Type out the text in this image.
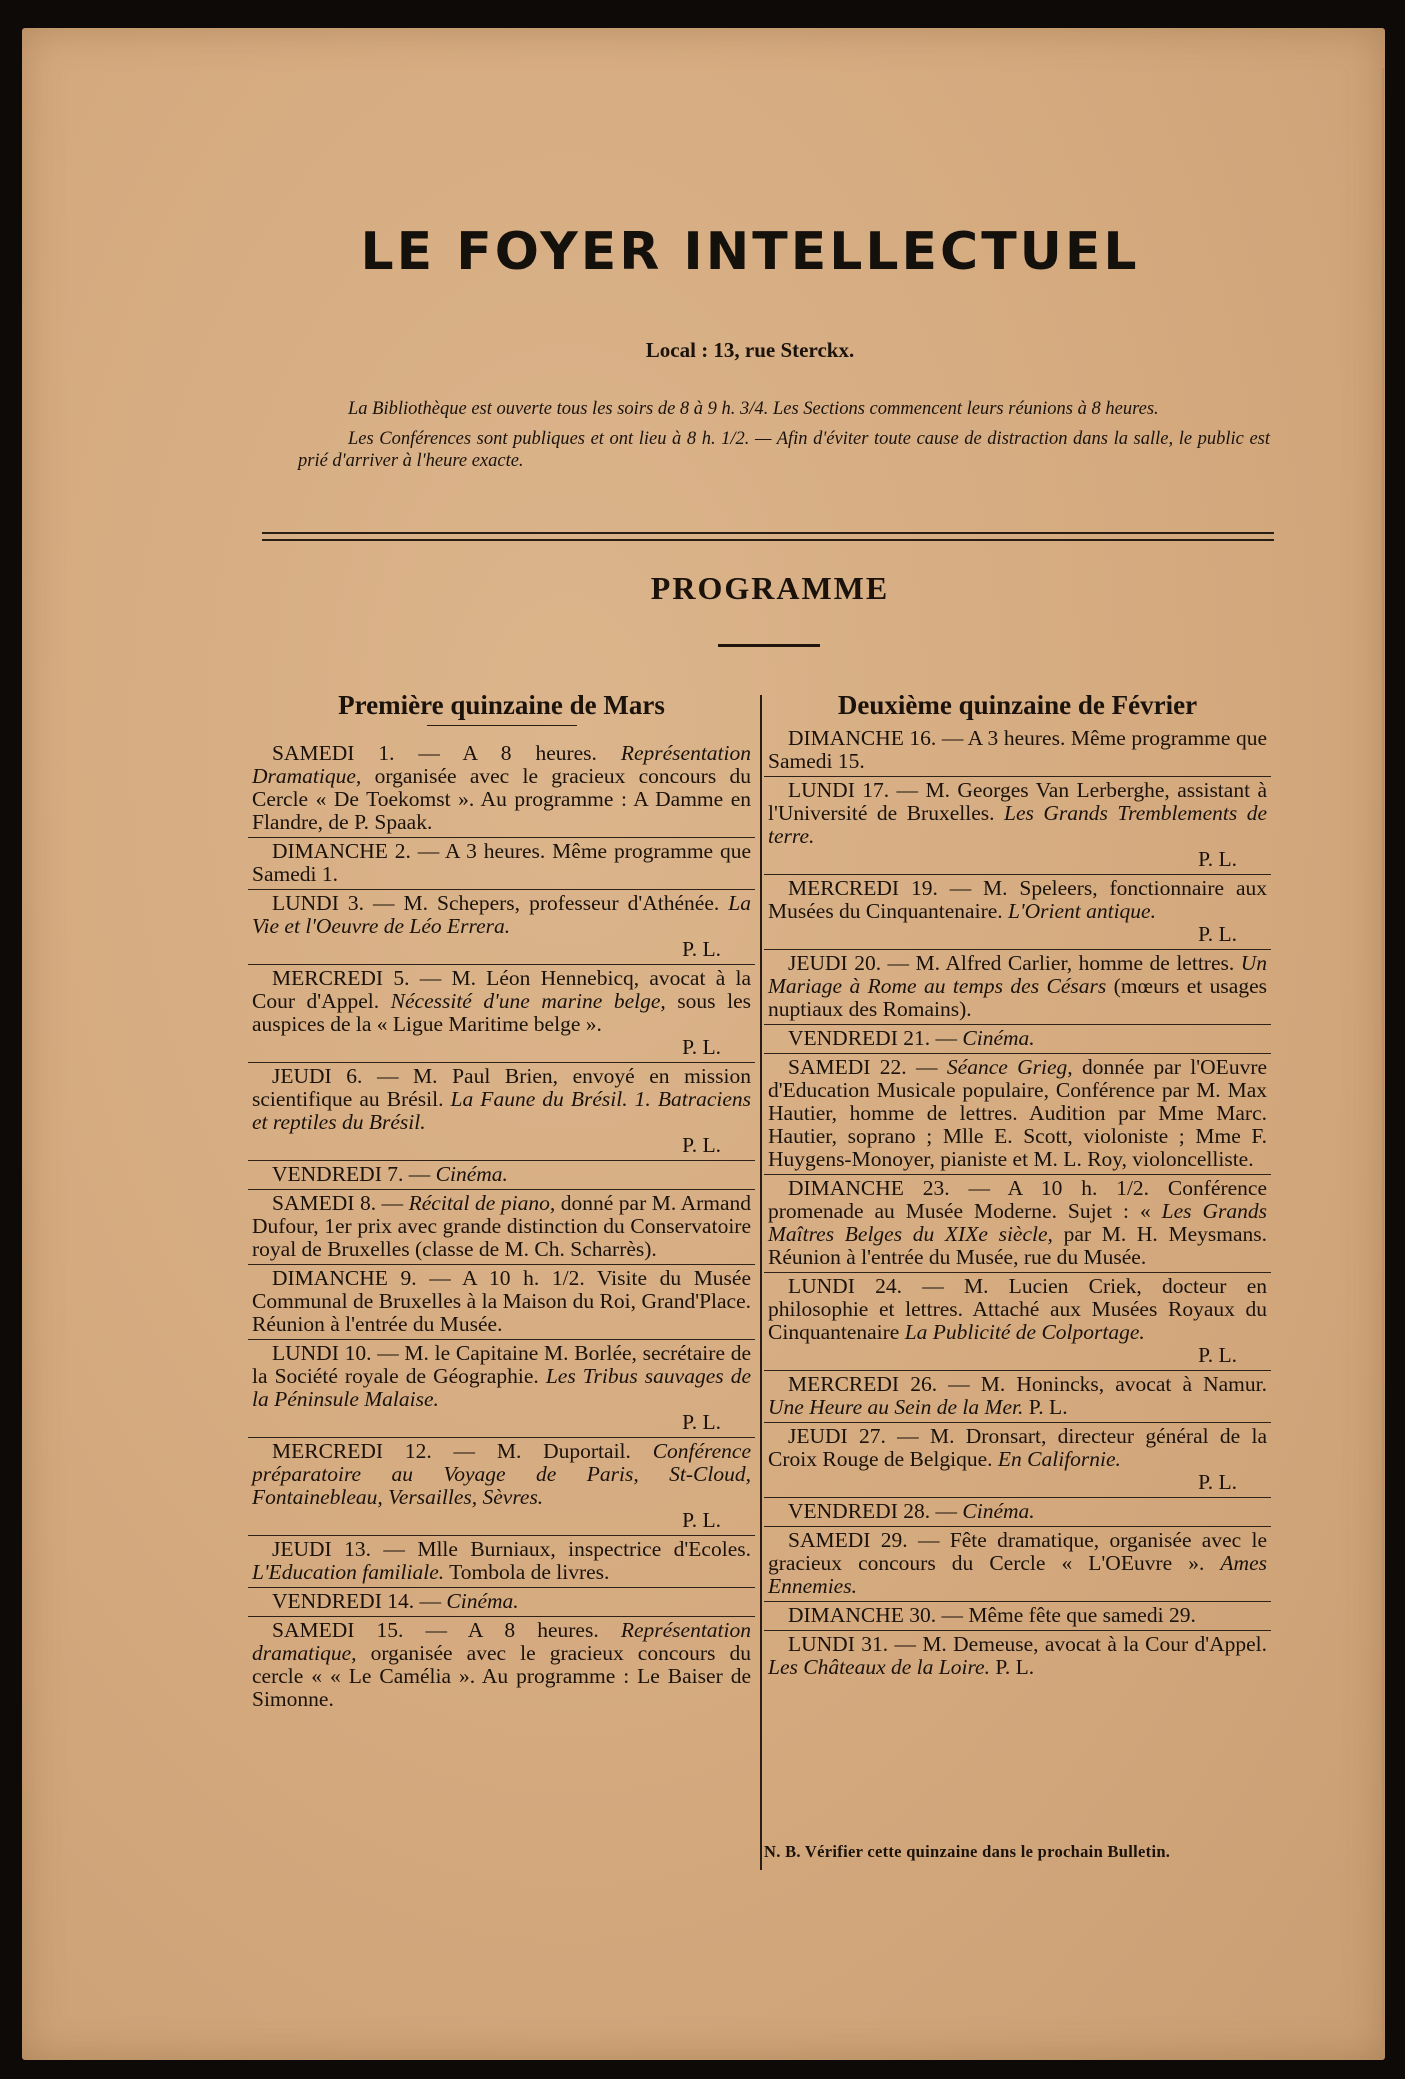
LE FOYER INTELLECTUEL
Local : 13, rue Sterckx.

La Bibliothèque est ouverte tous les soirs de 8 à 9 h. 3/4. Les Sections commencent leurs réunions à 8 heures.

Les Conférences sont publiques et ont lieu à 8 h. 1/2. — Afin d'éviter toute cause de distraction dans la salle, le public est prié d'arriver à l'heure exacte.

PROGRAMME
Première quinzaine de Mars
SAMEDI 1. — A 8 heures. Représentation Dramatique, organisée avec le gracieux concours du Cercle « De Toekomst ». Au programme : A Damme en Flandre, de P. Spaak.
DIMANCHE 2. — A 3 heures. Même programme que Samedi 1.
LUNDI 3. — M. Schepers, professeur d'Athénée. La Vie et l'Oeuvre de Léo Errera.
P. L.
MERCREDI 5. — M. Léon Hennebicq, avocat à la Cour d'Appel. Nécessité d'une marine belge, sous les auspices de la « Ligue Maritime belge ».
P. L.
JEUDI 6. — M. Paul Brien, envoyé en mission scientifique au Brésil. La Faune du Brésil. 1. Batraciens et reptiles du Brésil.
P. L.
VENDREDI 7. — Cinéma.
SAMEDI 8. — Récital de piano, donné par M. Armand Dufour, 1er prix avec grande distinction du Conservatoire royal de Bruxelles (classe de M. Ch. Scharrès).
DIMANCHE 9. — A 10 h. 1/2. Visite du Musée Communal de Bruxelles à la Maison du Roi, Grand'Place. Réunion à l'entrée du Musée.
LUNDI 10. — M. le Capitaine M. Borlée, secrétaire de la Société royale de Géographie. Les Tribus sauvages de la Péninsule Malaise.
P. L.
MERCREDI 12. — M. Duportail. Conférence préparatoire au Voyage de Paris, St-Cloud, Fontainebleau, Versailles, Sèvres.
P. L.
JEUDI 13. — Mlle Burniaux, inspectrice d'Ecoles. L'Education familiale. Tombola de livres.
VENDREDI 14. — Cinéma.
SAMEDI 15. — A 8 heures. Représentation dramatique, organisée avec le gracieux concours du cercle « « Le Camélia ». Au programme : Le Baiser de Simonne.
Deuxième quinzaine de Février
DIMANCHE 16. — A 3 heures. Même programme que Samedi 15.
LUNDI 17. — M. Georges Van Lerberghe, assistant à l'Université de Bruxelles. Les Grands Tremblements de terre.
P. L.
MERCREDI 19. — M. Speleers, fonctionnaire aux Musées du Cinquantenaire. L'Orient antique.
P. L.
JEUDI 20. — M. Alfred Carlier, homme de lettres. Un Mariage à Rome au temps des Césars (mœurs et usages nuptiaux des Romains).
VENDREDI 21. — Cinéma.
SAMEDI 22. — Séance Grieg, donnée par l'OEuvre d'Education Musicale populaire, Conférence par M. Max Hautier, homme de lettres. Audition par Mme Marc. Hautier, soprano ; Mlle E. Scott, violoniste ; Mme F. Huygens-Monoyer, pianiste et M. L. Roy, violoncelliste.
DIMANCHE 23. — A 10 h. 1/2. Conférence promenade au Musée Moderne. Sujet : « Les Grands Maîtres Belges du XIXe siècle, par M. H. Meysmans. Réunion à l'entrée du Musée, rue du Musée.
LUNDI 24. — M. Lucien Criek, docteur en philosophie et lettres. Attaché aux Musées Royaux du Cinquantenaire La Publicité de Colportage.
P. L.
MERCREDI 26. — M. Honincks, avocat à Namur. Une Heure au Sein de la Mer. P. L.
JEUDI 27. — M. Dronsart, directeur général de la Croix Rouge de Belgique. En Californie.
P. L.
VENDREDI 28. — Cinéma.
SAMEDI 29. — Fête dramatique, organisée avec le gracieux concours du Cercle « L'OEuvre ». Ames Ennemies.
DIMANCHE 30. — Même fête que samedi 29.
LUNDI 31. — M. Demeuse, avocat à la Cour d'Appel. Les Châteaux de la Loire. P. L.
N. B. Vérifier cette quinzaine dans le prochain Bulletin.
